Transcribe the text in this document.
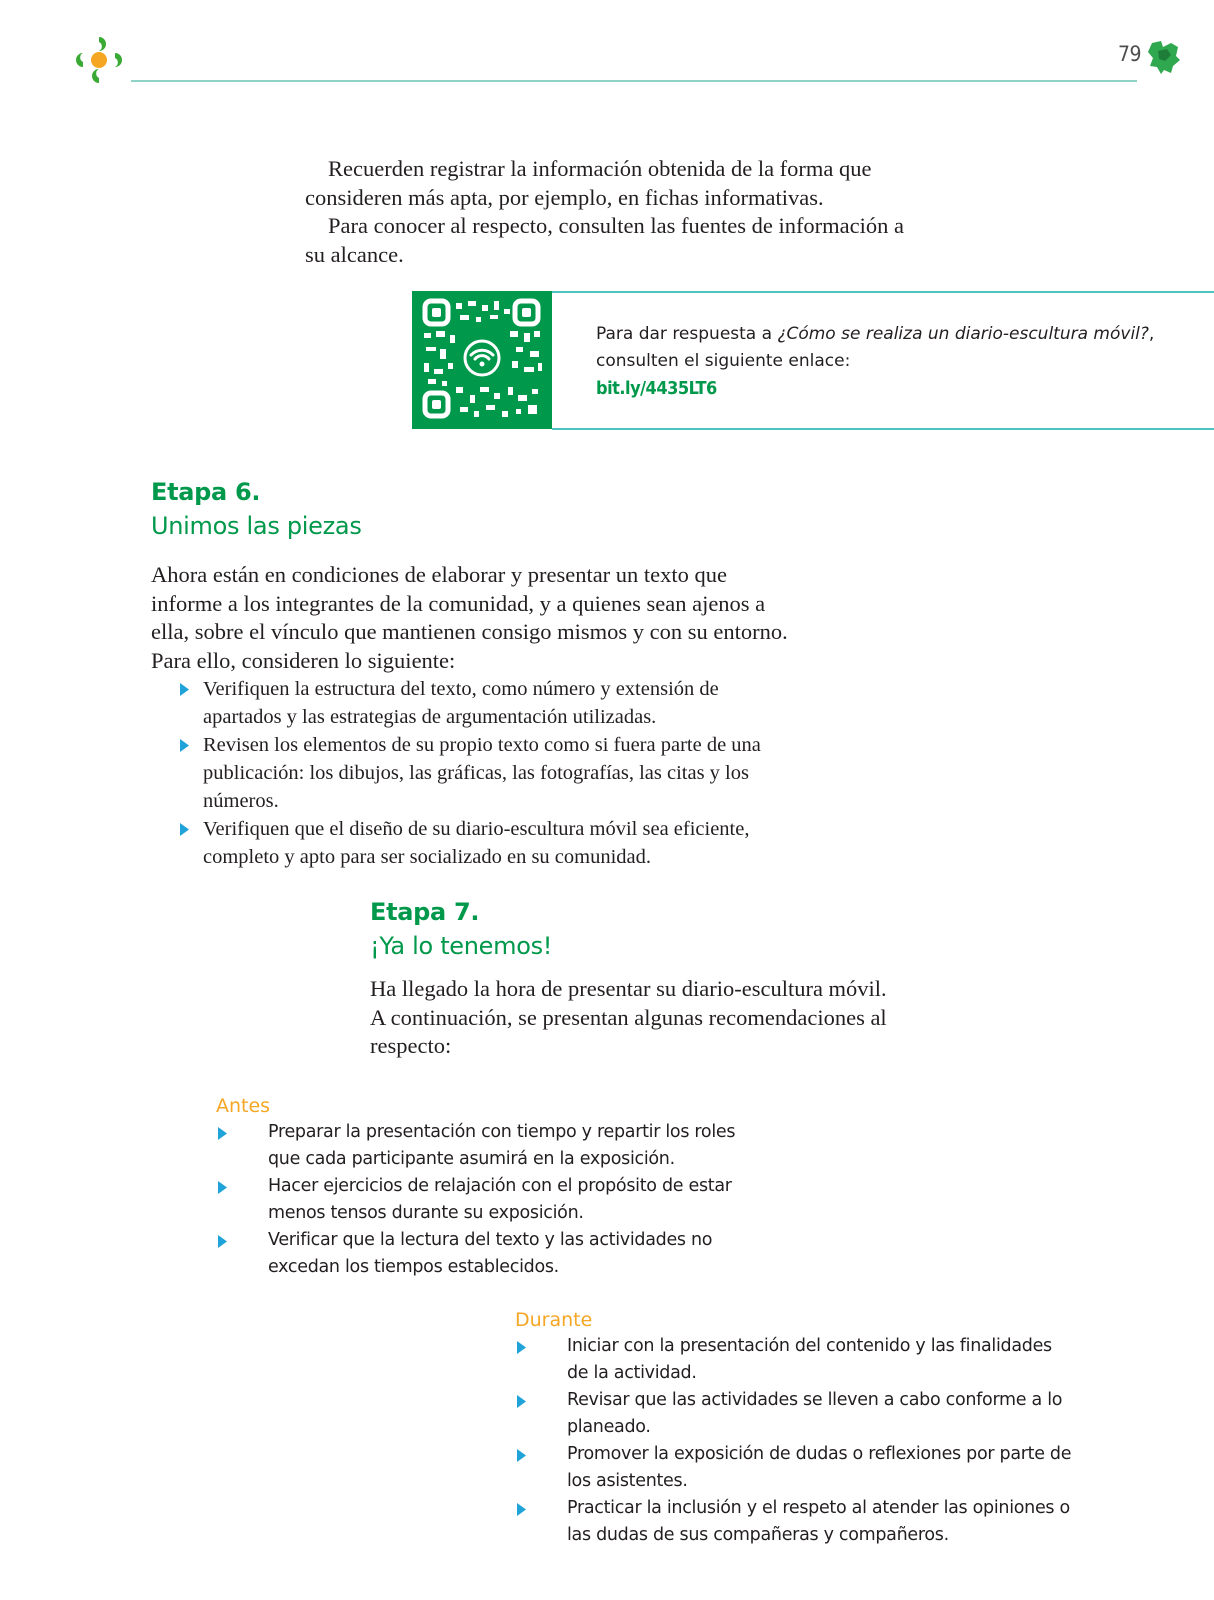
79

Recuerden registrar la información obtenida de la forma que consideren más apta, por ejemplo, en fichas informativas.

Para conocer al respecto, consulten las fuentes de información a su alcance.

Para dar respuesta a ¿Cómo se realiza un diario-escultura móvil?, consulten el siguiente enlace:
bit.ly/4435LT6
Etapa 6.
Unimos las piezas

Ahora están en condiciones de elaborar y presentar un texto que informe a los integrantes de la comunidad, y a quienes sean ajenos a ella, sobre el vínculo que mantienen consigo mismos y con su entorno. Para ello, consideren lo siguiente:

Verifiquen la estructura del texto, como número y extensión de apartados y las estrategias de argumentación utilizadas.
Revisen los elementos de su propio texto como si fuera parte de una publicación: los dibujos, las gráficas, las fotografías, las citas y los números.
Verifiquen que el diseño de su diario-escultura móvil sea eficiente, completo y apto para ser socializado en su comunidad.
Etapa 7.
¡Ya lo tenemos!
Ha llegado la hora de presentar su diario-escultura móvil. A continuación, se presentan algunas recomendaciones al respecto:
Antes
Preparar la presentación con tiempo y repartir los roles que cada participante asumirá en la exposición.
Hacer ejercicios de relajación con el propósito de estar menos tensos durante su exposición.
Verificar que la lectura del texto y las actividades no excedan los tiempos establecidos.
Durante
Iniciar con la presentación del contenido y las finalidades de la actividad.
Revisar que las actividades se lleven a cabo conforme a lo planeado.
Promover la exposición de dudas o reflexiones por parte de los asistentes.
Practicar la inclusión y el respeto al atender las opiniones o las dudas de sus compañeras y compañeros.
